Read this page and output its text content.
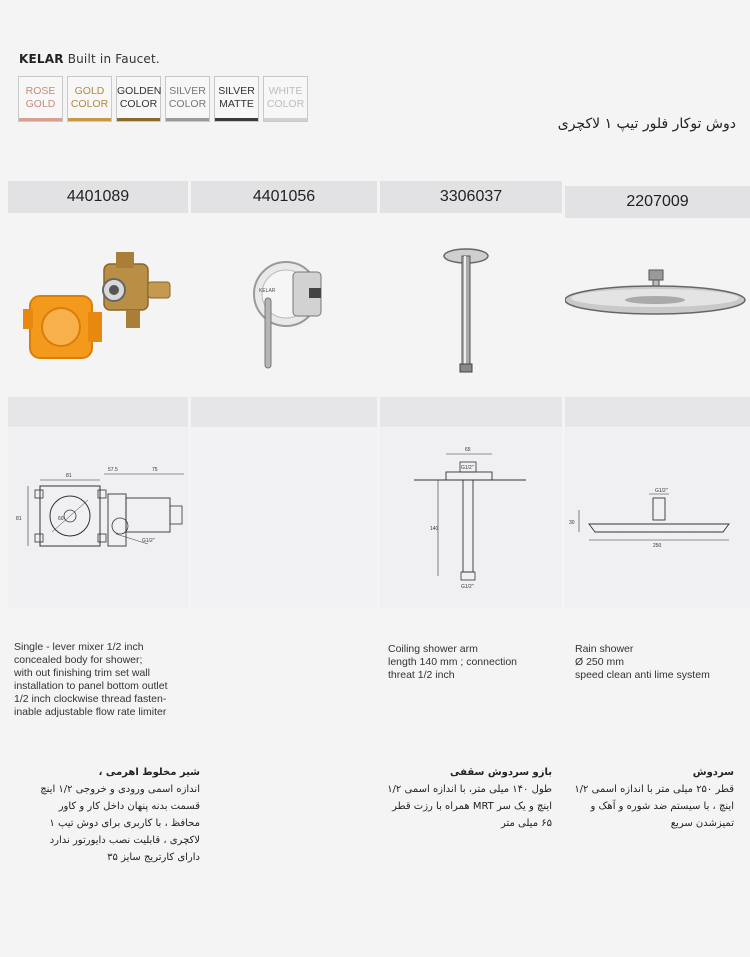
KELAR Built in Faucet.
ROSE
GOLD
GOLD
COLOR
GOLDEN
COLOR
SILVER
COLOR
SILVER
MATTE
WHITE
COLOR
دوش توکار فلور تیپ ۱ لاکچری
4401089	4401056	3306037	2207009
KELAR
81
57.5	75
60
81
G1/2"
65
G1/2"
140
G1/2"
G1/2"
30
250
Single - lever mixer 1/2 inch
concealed body for shower;
with out finishing trim set wall
installation to panel bottom outlet
1/2 inch clockwise thread fasten-
inable adjustable flow rate limiter
Coiling shower arm
length 140 mm ; connection
threat 1/2 inch
Rain shower
Ø 250 mm
speed clean anti lime system
شیر مخلوط اهرمی ،
اندازه اسمی ورودی و خروجی ۱/۲ اینچ
قسمت بدنه پنهان داخل کار و کاور
محافظ ، با کاربری برای دوش تیپ ۱
لاکچری ، قابلیت نصب دایورتور ندارد
دارای کارتریج سایز ۳۵
بازو سردوش سقفی
طول ۱۴۰ میلی متر، با اندازه اسمی ۱/۲
اینچ و یک سر MRT همراه با رزت قطر
۶۵ میلی متر
سردوش
قطر ۲۵۰ میلی متر با اندازه اسمی ۱/۲
اینچ ، با سیستم ضد شوره و آهک و
تمیزشدن سریع
